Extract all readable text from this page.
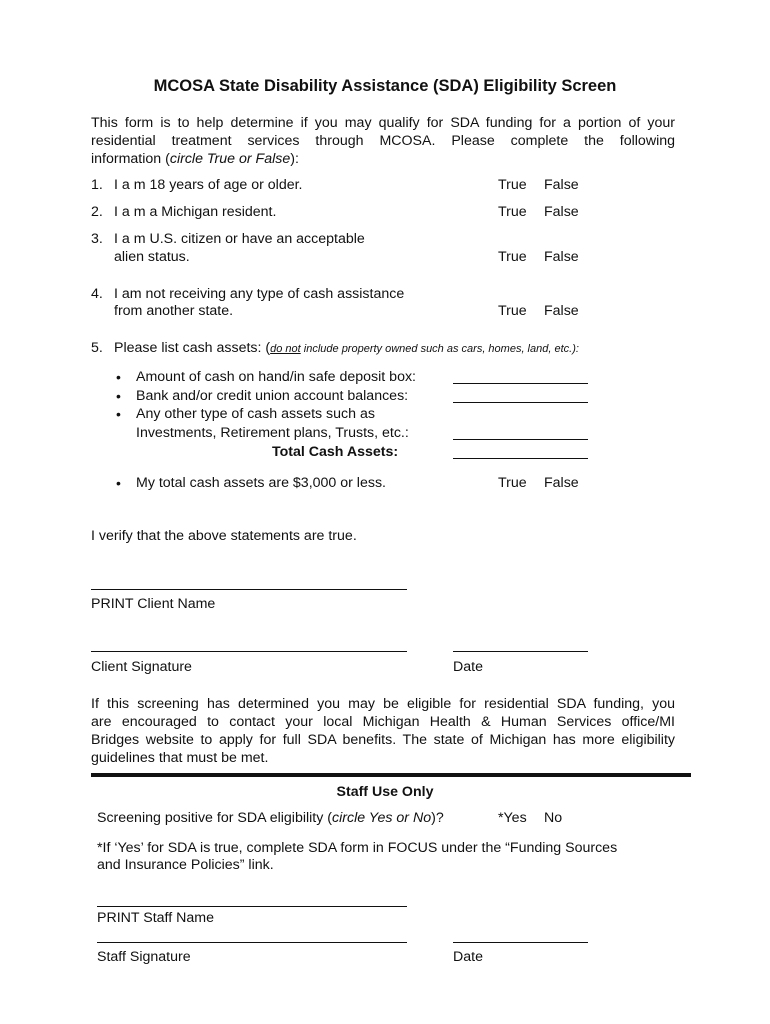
MCOSA State Disability Assistance (SDA) Eligibility Screen
This form is to help determine if you may qualify for SDA funding for a portion of your
residential treatment services through MCOSA. Please complete the following
information (circle True or False):
1. I a m 18 years of age or older.	True False
2. I a m a Michigan resident.	True False
3. I a m U.S. citizen or have an acceptable
alien status.	True False
4. I am not receiving any type of cash assistance
from another state.	True False
5. Please list cash assets: (do not include property owned such as cars, homes, land, etc.):
• Amount of cash on hand/in safe deposit box:
• Bank and/or credit union account balances:
• Any other type of cash assets such as
Investments, Retirement plans, Trusts, etc.:
Total Cash Assets:
• My total cash assets are $3,000 or less.	True False
I verify that the above statements are true.
PRINT Client Name
Client Signature	Date
If this screening has determined you may be eligible for residential SDA funding, you
are encouraged to contact your local Michigan Health & Human Services office/MI
Bridges website to apply for full SDA benefits. The state of Michigan has more eligibility
guidelines that must be met.
Staff Use Only
Screening positive for SDA eligibility (circle Yes or No)?	*Yes No
*If ‘Yes’ for SDA is true, complete SDA form in FOCUS under the “Funding Sources
and Insurance Policies” link.
PRINT Staff Name
Staff Signature	Date
